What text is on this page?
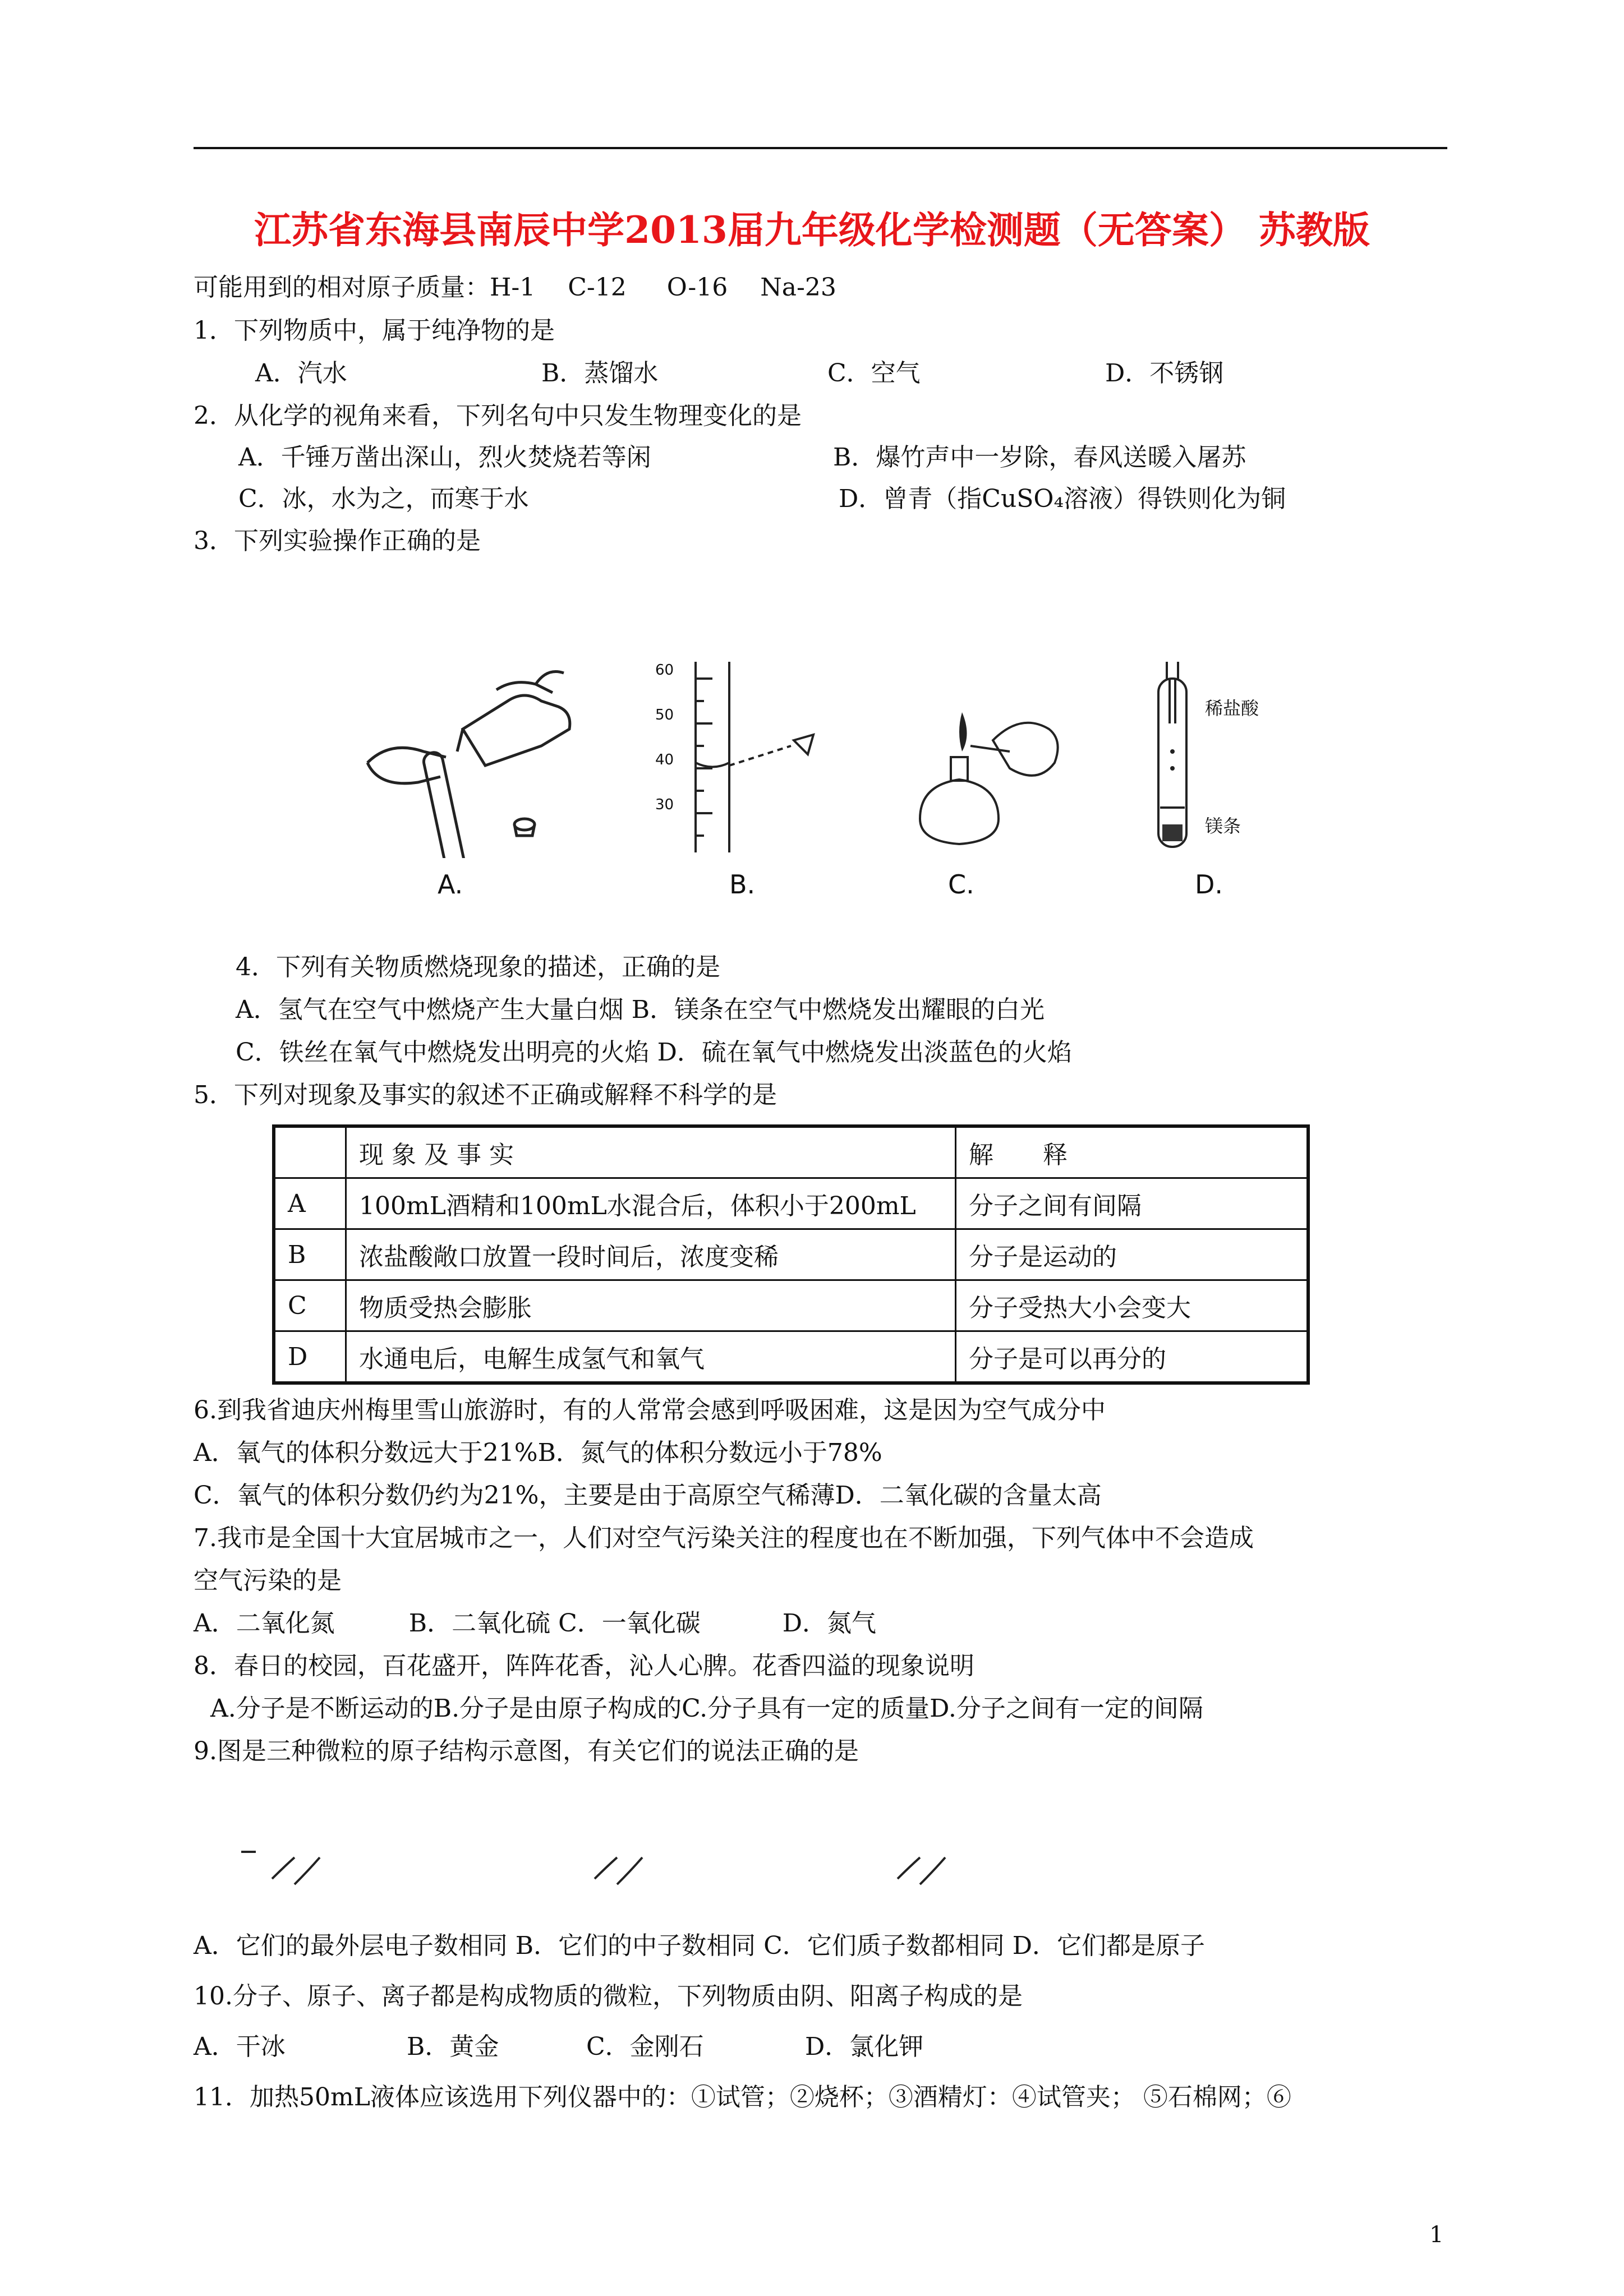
江苏省东海县南辰中学2013届九年级化学检测题（无答案） 苏教版
可能用到的相对原子质量：H-1　 C-12 　 O-16　 Na-23
1．下列物质中，属于纯净物的是
A．汽水	B．蒸馏水	C．空气	D．不锈钢
2．从化学的视角来看，下列名句中只发生物理变化的是
A．千锤万凿出深山，烈火焚烧若等闲	B．爆竹声中一岁除，春风送暖入屠苏
C．冰，水为之，而寒于水	D．曾青（指CuSO₄溶液）得铁则化为铜
3．下列实验操作正确的是
A.
60
50
40
30
B.	C.
稀盐酸
镁条
D.
4．下列有关物质燃烧现象的描述，正确的是
A．氢气在空气中燃烧产生大量白烟 B．镁条在空气中燃烧发出耀眼的白光
C．铁丝在氧气中燃烧发出明亮的火焰 D．硫在氧气中燃烧发出淡蓝色的火焰
5．下列对现象及事实的叙述不正确或解释不科学的是
	现 象 及 事 实	解　　释
A	100mL酒精和100mL水混合后，体积小于200mL	分子之间有间隔
B	浓盐酸敞口放置一段时间后，浓度变稀	分子是运动的
C	物质受热会膨胀	分子受热大小会变大
D	水通电后，电解生成氢气和氧气	分子是可以再分的
6.到我省迪庆州梅里雪山旅游时，有的人常常会感到呼吸困难，这是因为空气成分中
A．氧气的体积分数远大于21%B．氮气的体积分数远小于78%
C．氧气的体积分数仍约为21%，主要是由于高原空气稀薄D．二氧化碳的含量太高
7.我市是全国十大宜居城市之一，人们对空气污染关注的程度也在不断加强，下列气体中不会造成
空气污染的是
A．二氧化氮　　　B．二氧化硫 C．一氧化碳　　　 D．氮气
8．春日的校园，百花盛开，阵阵花香，沁人心脾。花香四溢的现象说明
A.分子是不断运动的B.分子是由原子构成的C.分子具有一定的质量D.分子之间有一定的间隔
9.图是三种微粒的原子结构示意图，有关它们的说法正确的是
A．它们的最外层电子数相同 B．它们的中子数相同 C．它们质子数都相同 D．它们都是原子
10.分子、原子、离子都是构成物质的微粒，下列物质由阴、阳离子构成的是
A．干冰	B．黄金	C．金刚石	D．氯化钾
11．加热50mL液体应该选用下列仪器中的：①试管；②烧杯；③酒精灯：④试管夹； ⑤石棉网；⑥
1
